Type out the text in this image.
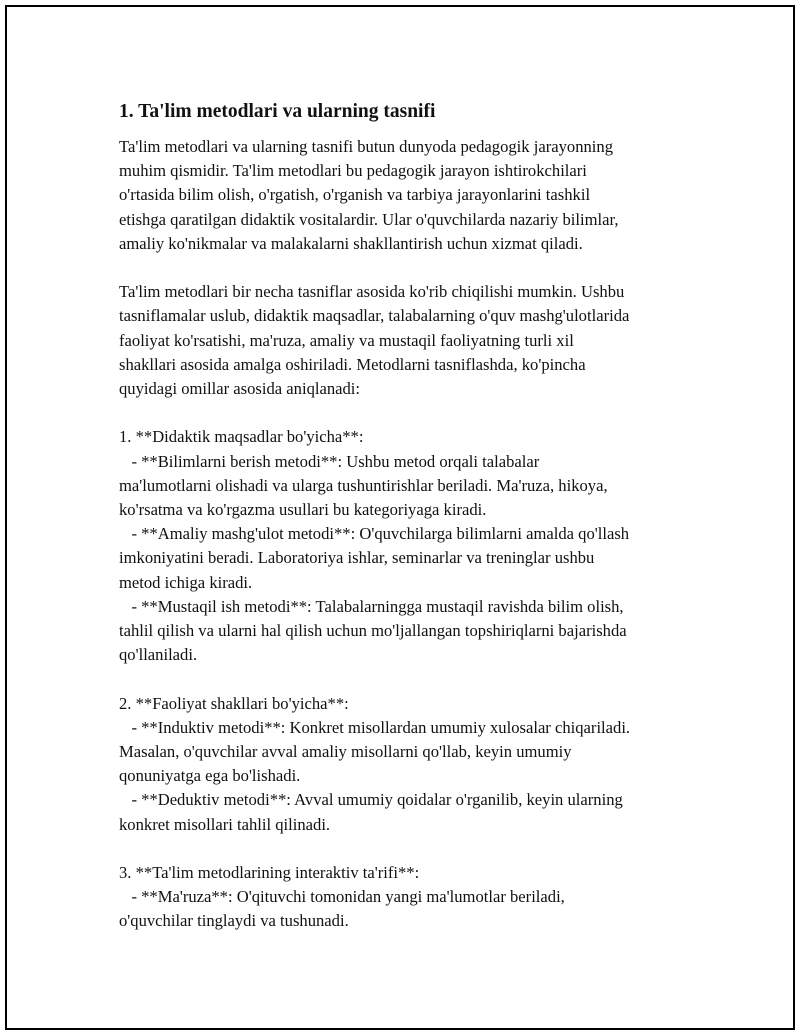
1. Ta'lim metodlari va ularning tasnifi

Ta'lim metodlari va ularning tasnifi butun dunyoda pedagogik jarayonning
muhim qismidir. Ta'lim metodlari bu pedagogik jarayon ishtirokchilari
o'rtasida bilim olish, o'rgatish, o'rganish va tarbiya jarayonlarini tashkil
etishga qaratilgan didaktik vositalardir. Ular o'quvchilarda nazariy bilimlar,
amaliy ko'nikmalar va malakalarni shakllantirish uchun xizmat qiladi.

Ta'lim metodlari bir necha tasniflar asosida ko'rib chiqilishi mumkin. Ushbu
tasniflamalar uslub, didaktik maqsadlar, talabalarning o'quv mashg'ulotlarida
faoliyat ko'rsatishi, ma'ruza, amaliy va mustaqil faoliyatning turli xil
shakllari asosida amalga oshiriladi. Metodlarni tasniflashda, ko'pincha
quyidagi omillar asosida aniqlanadi:

1. **Didaktik maqsadlar bo'yicha**:
- **Bilimlarni berish metodi**: Ushbu metod orqali talabalar
ma'lumotlarni olishadi va ularga tushuntirishlar beriladi. Ma'ruza, hikoya,
ko'rsatma va ko'rgazma usullari bu kategoriyaga kiradi.
- **Amaliy mashg'ulot metodi**: O'quvchilarga bilimlarni amalda qo'llash
imkoniyatini beradi. Laboratoriya ishlar, seminarlar va treninglar ushbu
metod ichiga kiradi.
- **Mustaqil ish metodi**: Talabalarningga mustaqil ravishda bilim olish,
tahlil qilish va ularni hal qilish uchun mo'ljallangan topshiriqlarni bajarishda
qo'llaniladi.

2. **Faoliyat shakllari bo'yicha**:
- **Induktiv metodi**: Konkret misollardan umumiy xulosalar chiqariladi.
Masalan, o'quvchilar avval amaliy misollarni qo'llab, keyin umumiy
qonuniyatga ega bo'lishadi.
- **Deduktiv metodi**: Avval umumiy qoidalar o'rganilib, keyin ularning
konkret misollari tahlil qilinadi.

3. **Ta'lim metodlarining interaktiv ta'rifi**:
- **Ma'ruza**: O'qituvchi tomonidan yangi ma'lumotlar beriladi,
o'quvchilar tinglaydi va tushunadi.
